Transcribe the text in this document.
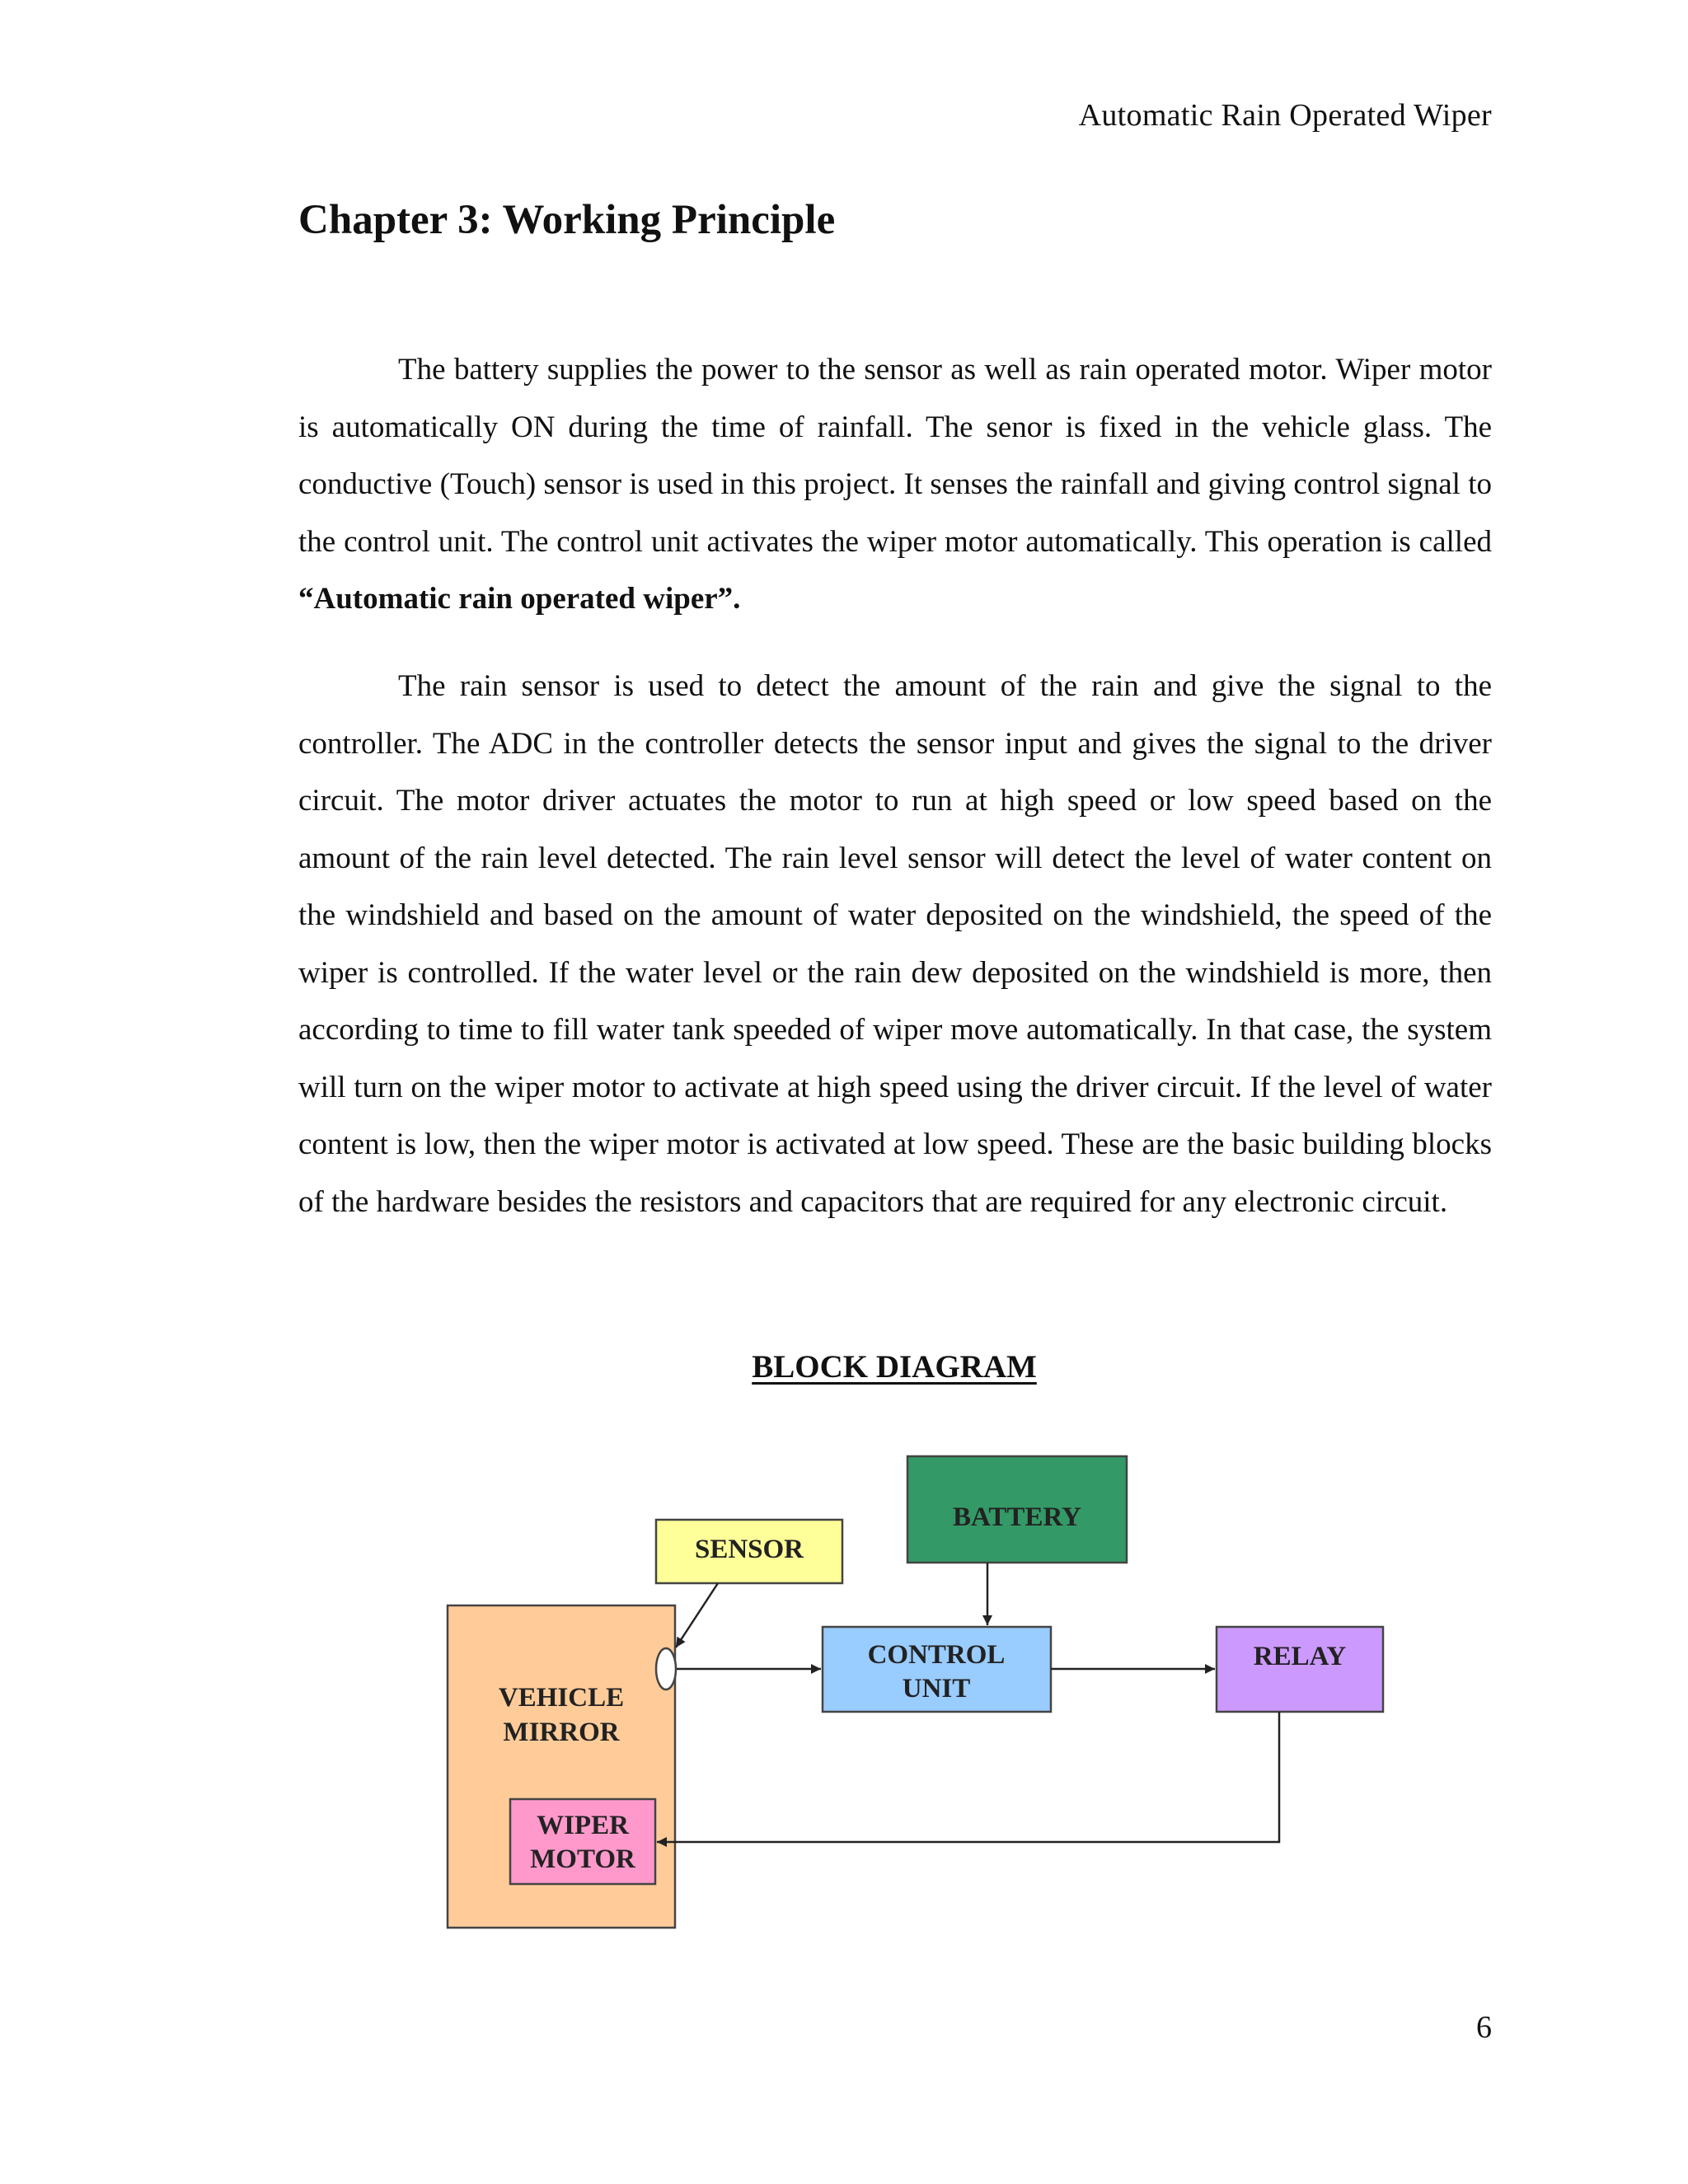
Automatic Rain Operated Wiper
Chapter 3: Working Principle

The battery supplies the power to the sensor as well as rain operated motor. Wiper motor is automatically ON during the time of rainfall. The senor is fixed in the vehicle glass. The conductive (Touch) sensor is used in this project. It senses the rainfall and giving control signal to the control unit. The control unit activates the wiper motor automatically. This operation is called “Automatic rain operated wiper”.

The rain sensor is used to detect the amount of the rain and give the signal to the controller. The ADC in the controller detects the sensor input and gives the signal to the driver circuit. The motor driver actuates the motor to run at high speed or low speed based on the amount of the rain level detected. The rain level sensor will detect the level of water content on the windshield and based on the amount of water deposited on the windshield, the speed of the wiper is controlled. If the water level or the rain dew deposited on the windshield is more, then according to time to fill water tank speeded of wiper move automatically. In that case, the system will turn on the wiper motor to activate at high speed using the driver circuit. If the level of water content is low, then the wiper motor is activated at low speed. These are the basic building blocks of the hardware besides the resistors and capacitors that are required for any electronic circuit.

BLOCK DIAGRAM
VEHICLE
MIRROR
WIPER
MOTOR
SENSOR
BATTERY
CONTROL
UNIT
RELAY
6
